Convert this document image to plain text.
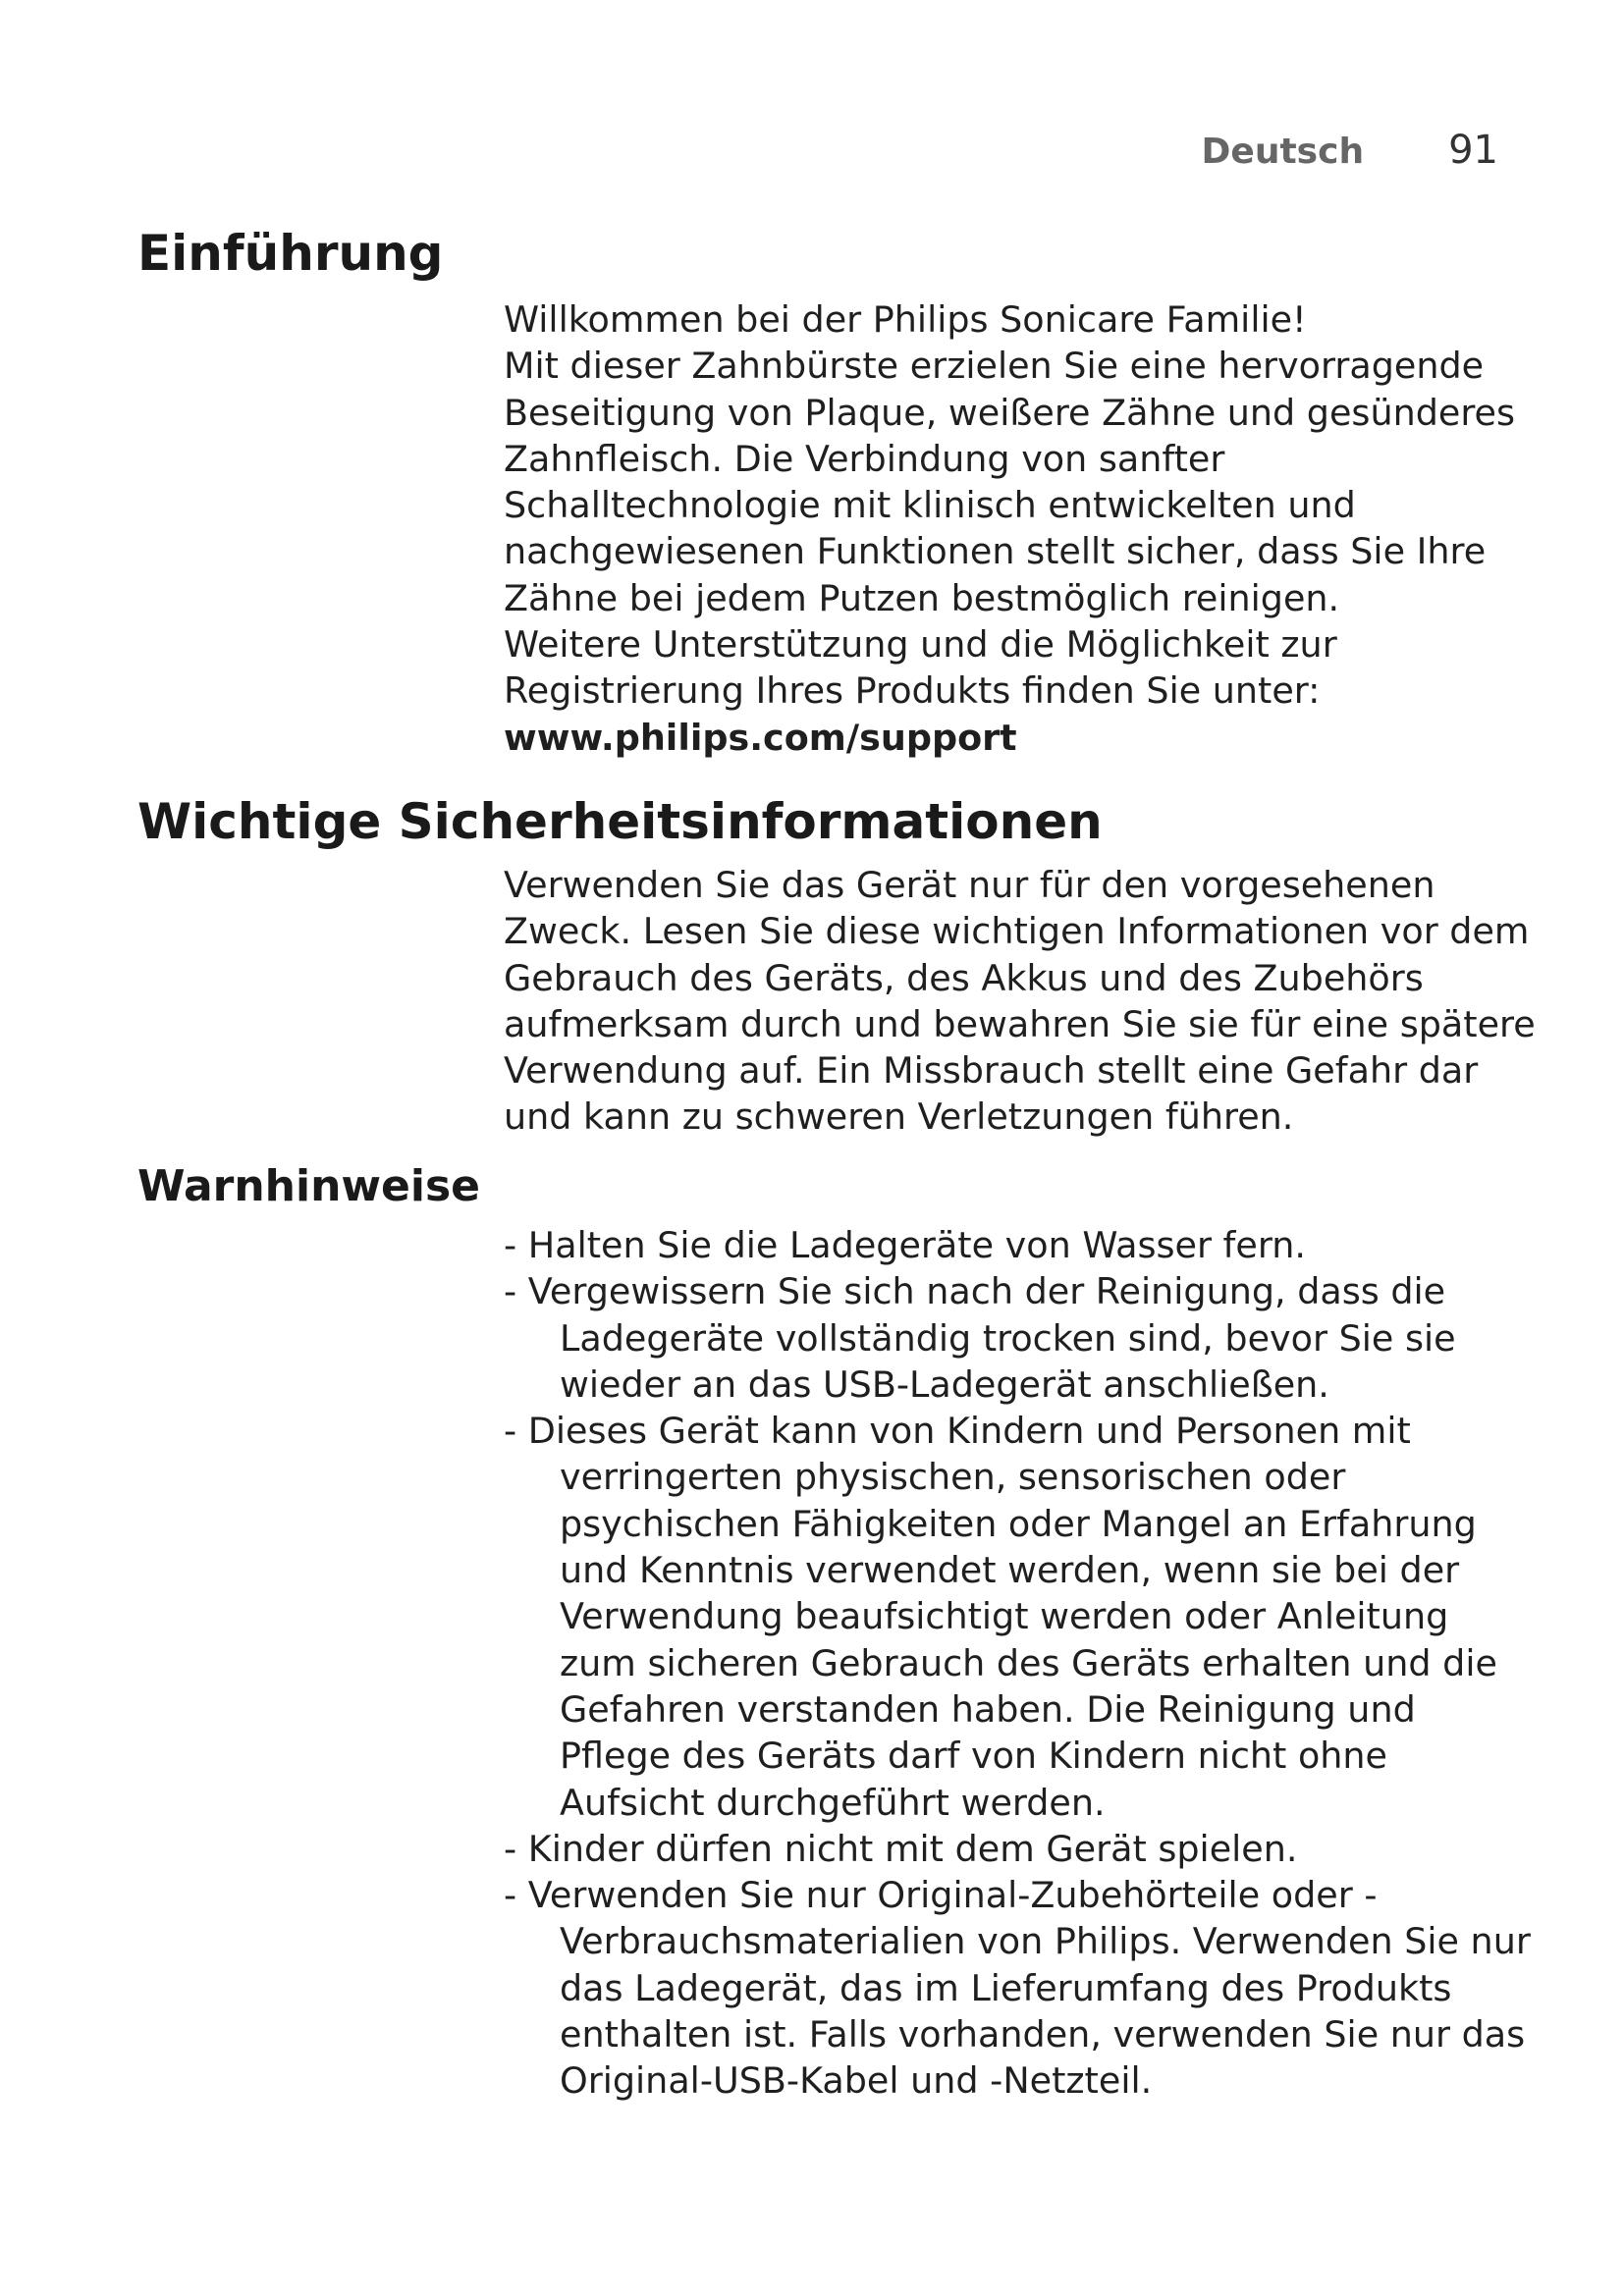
Deutsch 91
Einführung
Willkommen bei der Philips Sonicare Familie!
Mit dieser Zahnbürste erzielen Sie eine hervorragende
Beseitigung von Plaque, weißere Zähne und gesünderes
Zahnfleisch. Die Verbindung von sanfter
Schalltechnologie mit klinisch entwickelten und
nachgewiesenen Funktionen stellt sicher, dass Sie Ihre
Zähne bei jedem Putzen bestmöglich reinigen.
Weitere Unterstützung und die Möglichkeit zur
Registrierung Ihres Produkts finden Sie unter:
www.philips.com/support
Wichtige Sicherheitsinformationen
Verwenden Sie das Gerät nur für den vorgesehenen
Zweck. Lesen Sie diese wichtigen Informationen vor dem
Gebrauch des Geräts, des Akkus und des Zubehörs
aufmerksam durch und bewahren Sie sie für eine spätere
Verwendung auf. Ein Missbrauch stellt eine Gefahr dar
und kann zu schweren Verletzungen führen.
Warnhinweise
- Halten Sie die Ladegeräte von Wasser fern.
- Vergewissern Sie sich nach der Reinigung, dass die
Ladegeräte vollständig trocken sind, bevor Sie sie
wieder an das USB-Ladegerät anschließen.
- Dieses Gerät kann von Kindern und Personen mit
verringerten physischen, sensorischen oder
psychischen Fähigkeiten oder Mangel an Erfahrung
und Kenntnis verwendet werden, wenn sie bei der
Verwendung beaufsichtigt werden oder Anleitung
zum sicheren Gebrauch des Geräts erhalten und die
Gefahren verstanden haben. Die Reinigung und
Pflege des Geräts darf von Kindern nicht ohne
Aufsicht durchgeführt werden.
- Kinder dürfen nicht mit dem Gerät spielen.
- Verwenden Sie nur Original-Zubehörteile oder -
Verbrauchsmaterialien von Philips. Verwenden Sie nur
das Ladegerät, das im Lieferumfang des Produkts
enthalten ist. Falls vorhanden, verwenden Sie nur das
Original-USB-Kabel und -Netzteil.
